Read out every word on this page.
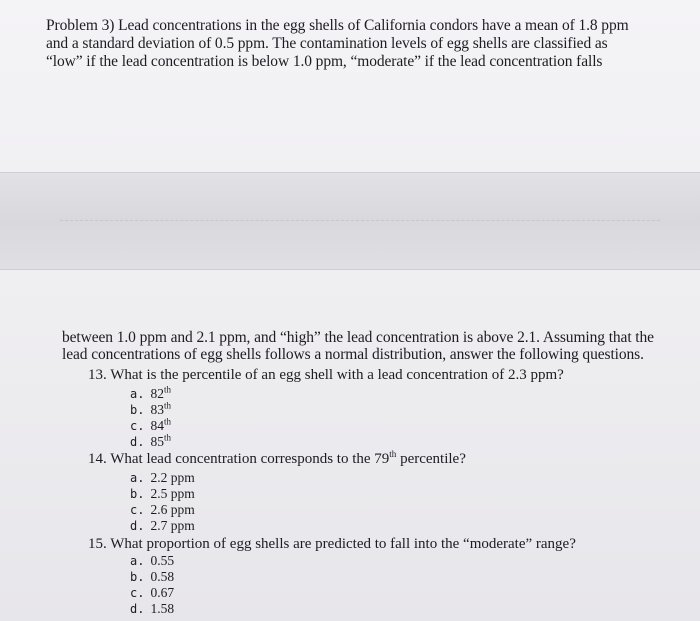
Problem 3) Lead concentrations in the egg shells of California condors have a mean of 1.8 ppm
and a standard deviation of 0.5 ppm. The contamination levels of egg shells are classified as
“low” if the lead concentration is below 1.0 ppm, “moderate” if the lead concentration falls
between 1.0 ppm and 2.1 ppm, and “high” the lead concentration is above 2.1. Assuming that the
lead concentrations of egg shells follows a normal distribution, answer the following questions.
13. What is the percentile of an egg shell with a lead concentration of 2.3 ppm?
a. 82th
b. 83th
c. 84th
d. 85th
14. What lead concentration corresponds to the 79th percentile?
a. 2.2 ppm
b. 2.5 ppm
c. 2.6 ppm
d. 2.7 ppm
15. What proportion of egg shells are predicted to fall into the “moderate” range?
a. 0.55
b. 0.58
c. 0.67
d. 1.58
